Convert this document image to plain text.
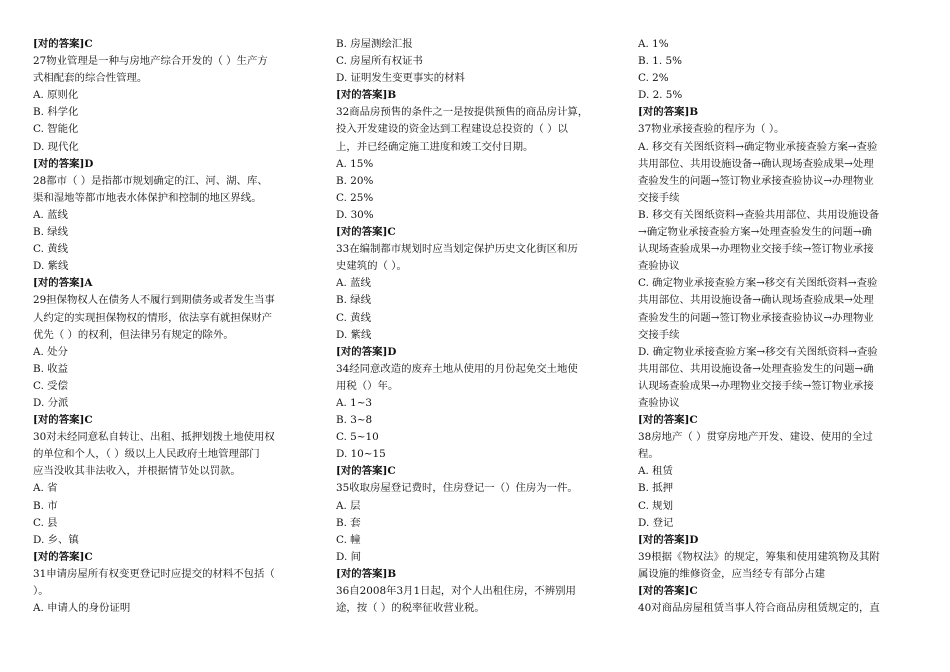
[对的答案]C
27物业管理是一种与房地产综合开发的（ ）生产方
式相配套的综合性管理。
A. 原则化
B. 科学化
C. 智能化
D. 现代化
[对的答案]D
28都市（ ）是指都市规划确定的江、河、湖、库、
渠和湿地等都市地表水体保护和控制的地区界线。
A. 蓝线
B. 绿线
C. 黄线
D. 紫线
[对的答案]A
29担保物权人在债务人不履行到期债务或者发生当事
人约定的实现担保物权的情形，依法享有就担保财产
优先（ ）的权利，但法律另有规定的除外。
A. 处分
B. 收益
C. 受偿
D. 分派
[对的答案]C
30对未经同意私自转让、出租、抵押划拨土地使用权
的单位和个人，（ ）级以上人民政府土地管理部门
应当没收其非法收入，并根据情节处以罚款。
A. 省
B. 市
C. 县
D. 乡、镇
[对的答案]C
31申请房屋所有权变更登记时应提交的材料不包括（
）。
A. 申请人的身份证明
B. 房屋测绘汇报
C. 房屋所有权证书
D. 证明发生变更事实的材料
[对的答案]B
32商品房预售的条件之一是按提供预售的商品房计算，
投入开发建设的资金达到工程建设总投资的（ ）以
上，并已经确定施工进度和竣工交付日期。
A. 15%
B. 20%
C. 25%
D. 30%
[对的答案]C
33在编制都市规划时应当划定保护历史文化街区和历
史建筑的（ ）。
A. 蓝线
B. 绿线
C. 黄线
D. 紫线
[对的答案]D
34经同意改造的废弃土地从使用的月份起免交土地使
用税（）年。
A. 1~3
B. 3~8
C. 5~10
D. 10~15
[对的答案]C
35收取房屋登记费时，住房登记一（）住房为一件。
A. 层
B. 套
C. 幢
D. 间
[对的答案]B
36自2008年3月1日起，对个人出租住房，不辨别用
途，按（ ）的税率征收营业税。
A. 1%
B. 1. 5%
C. 2%
D. 2. 5%
[对的答案]B
37物业承接查验的程序为（ ）。
A. 移交有关图纸资料→确定物业承接查验方案→查验
共用部位、共用设施设备→确认现场查验成果→处理
查验发生的问题→签订物业承接查验协议→办理物业
交接手续
B. 移交有关图纸资料→查验共用部位、共用设施设备
→确定物业承接查验方案→处理查验发生的问题→确
认现场查验成果→办理物业交接手续→签订物业承接
查验协议
C. 确定物业承接查验方案→移交有关图纸资料→查验
共用部位、共用设施设备→确认现场查验成果→处理
查验发生的问题→签订物业承接查验协议→办理物业
交接手续
D. 确定物业承接查验方案→移交有关图纸资料→查验
共用部位、共用设施设备→处理查验发生的问题→确
认现场查验成果→办理物业交接手续→签订物业承接
查验协议
[对的答案]C
38房地产（ ）贯穿房地产开发、建设、使用的全过
程。
A. 租赁
B. 抵押
C. 规划
D. 登记
[对的答案]D
39根据《物权法》的规定，筹集和使用建筑物及其附
属设施的维修资金，应当经专有部分占建
[对的答案]C
40对商品房屋租赁当事人符合商品房租赁规定的，直
